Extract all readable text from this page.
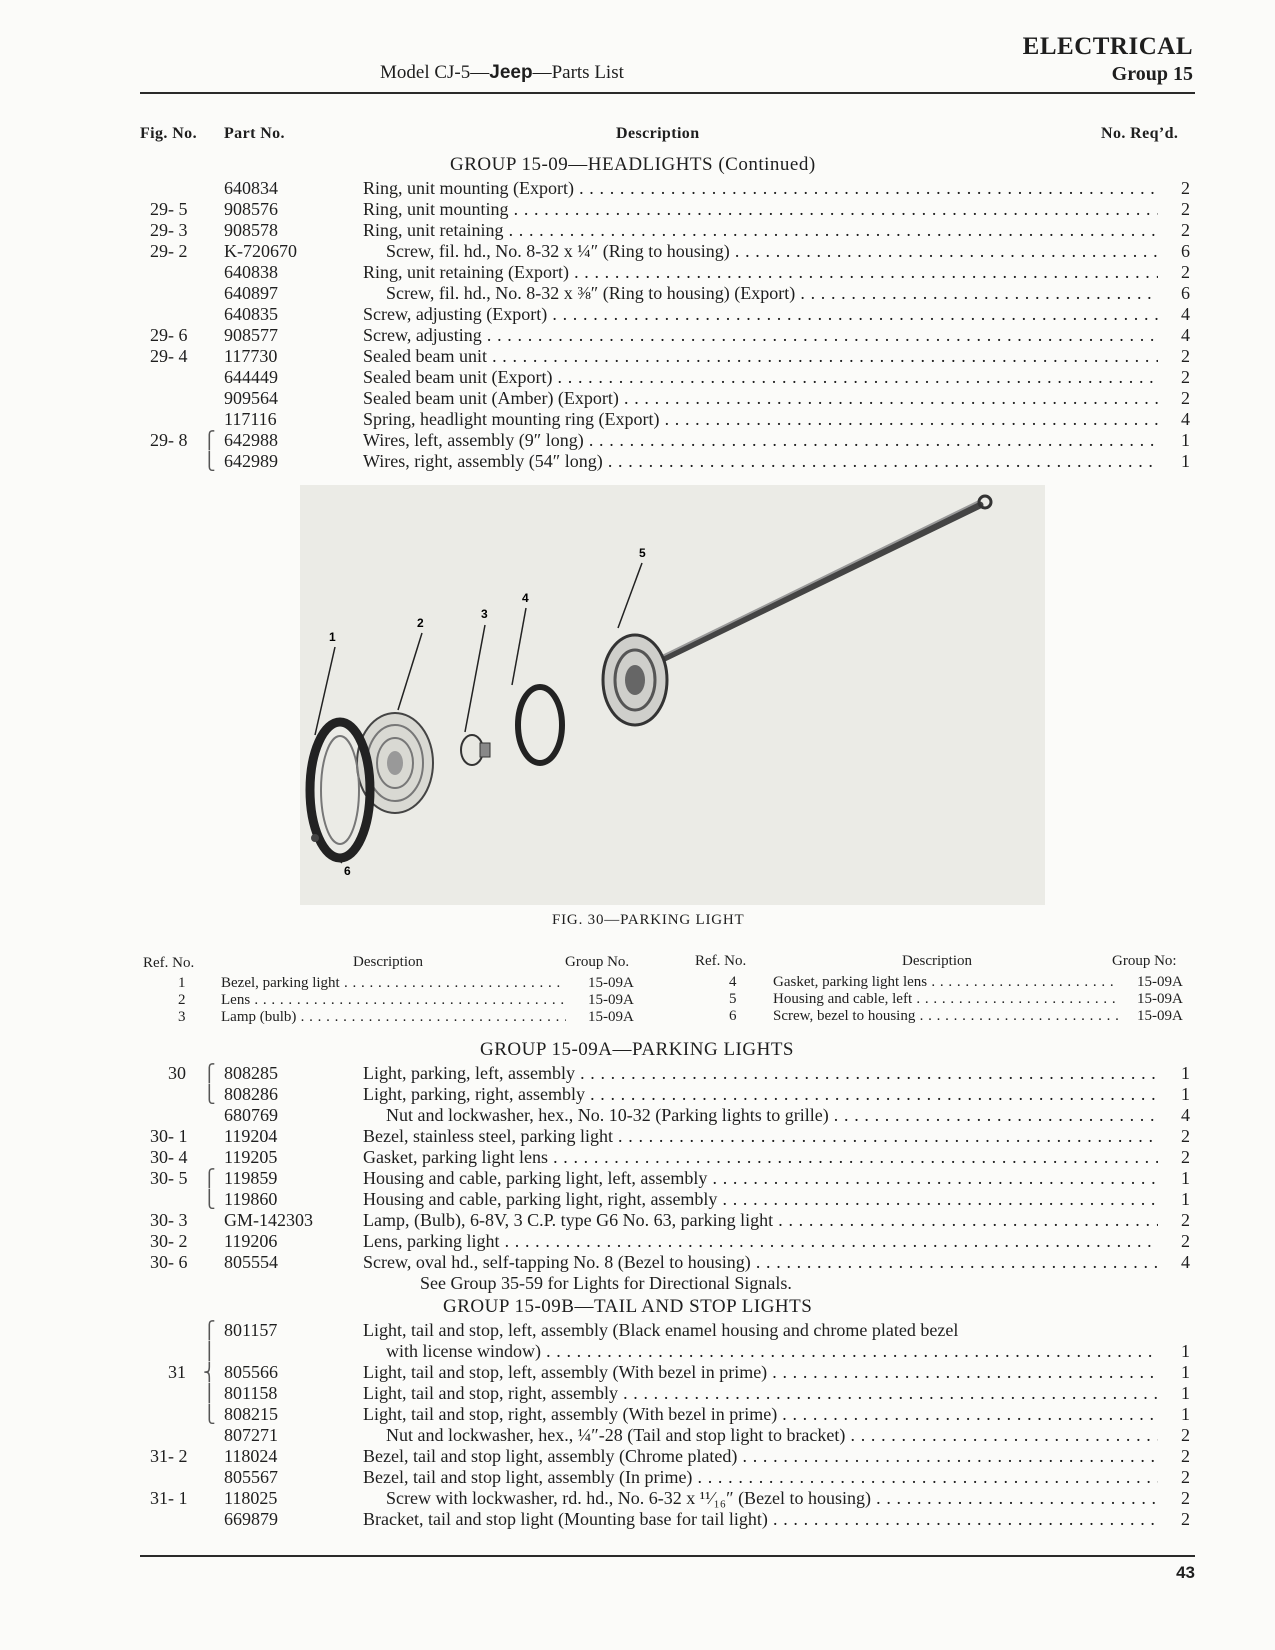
Model CJ-5—Jeep—Parts List
ELECTRICAL
Group 15
Fig. No. Part No.	Description	No. Req’d.
GROUP 15-09—HEADLIGHTS (Continued)
640834	Ring, unit mounting (Export) . . .	2
29- 5	908576	Ring, unit mounting . . .	2
29- 3	908578	Ring, unit retaining . . .	2
29- 2	K-720670	Screw, fil. hd., No. 8-32 x ¼″ (Ring to housing) . . .	6
640838	Ring, unit retaining (Export) . . .	2
640897	Screw, fil. hd., No. 8-32 x ⅜″ (Ring to housing) (Export) . . .	6
640835	Screw, adjusting (Export) . . .	4
29- 6	908577	Screw, adjusting . . .	4
29- 4	117730	Sealed beam unit . . .	2
644449	Sealed beam unit (Export) . . .	2
909564	Sealed beam unit (Amber) (Export) . . .	2
117116	Spring, headlight mounting ring (Export) . . .	4
29- 8 ⎧ 642988	Wires, left, assembly (9″ long) . . .	1
⎩ 642989	Wires, right, assembly (54″ long) . . .	1
1
2
3
4
5
6
FIG. 30—PARKING LIGHT
Ref. No.	Description	Group No.	Ref. No.	Description	Group No:
1 Bezel, parking light . . .	15-09A
2 Lens . . .	15-09A
3 Lamp (bulb) . . .	15-09A
4 Gasket, parking light lens . . .	15-09A
5 Housing and cable, left . . .	15-09A
6 Screw, bezel to housing . . .	15-09A
GROUP 15-09A—PARKING LIGHTS
30	⎧ 808285	Light, parking, left, assembly . . .	1
⎩ 808286	Light, parking, right, assembly . . .	1
680769	Nut and lockwasher, hex., No. 10-32 (Parking lights to grille) . . .	4
30- 1	119204	Bezel, stainless steel, parking light . . .	2
30- 4	119205	Gasket, parking light lens . . .	2
30- 5 ⎧ 119859	Housing and cable, parking light, left, assembly . . .	1
⎩ 119860	Housing and cable, parking light, right, assembly . . .	1
30- 3	GM-142303	Lamp, (Bulb), 6-8V, 3 C.P. type G6 No. 63, parking light . . .	2
30- 2	119206	Lens, parking light . . .	2
30- 6	805554	Screw, oval hd., self-tapping No. 8 (Bezel to housing) . . .	4
See Group 35-59 for Lights for Directional Signals.
GROUP 15-09B—TAIL AND STOP LIGHTS
⎧ 801157	Light, tail and stop, left, assembly (Black enamel housing and chrome plated bezel
⎪	with license window) . . .	1
31	⎨ 805566	Light, tail and stop, left, assembly (With bezel in prime) . . .	1
⎪ 801158	Light, tail and stop, right, assembly . . .	1
⎩ 808215	Light, tail and stop, right, assembly (With bezel in prime) . . .	1
807271	Nut and lockwasher, hex., ¼″-28 (Tail and stop light to bracket) . . .	2
31- 2	118024	Bezel, tail and stop light, assembly (Chrome plated) . . .	2
805567	Bezel, tail and stop light, assembly (In prime) . . .	2
31- 1	118025	Screw with lockwasher, rd. hd., No. 6-32 x ¹¹⁄₁₆″ (Bezel to housing) . . .	2
669879	Bracket, tail and stop light (Mounting base for tail light) . . .	2
43
